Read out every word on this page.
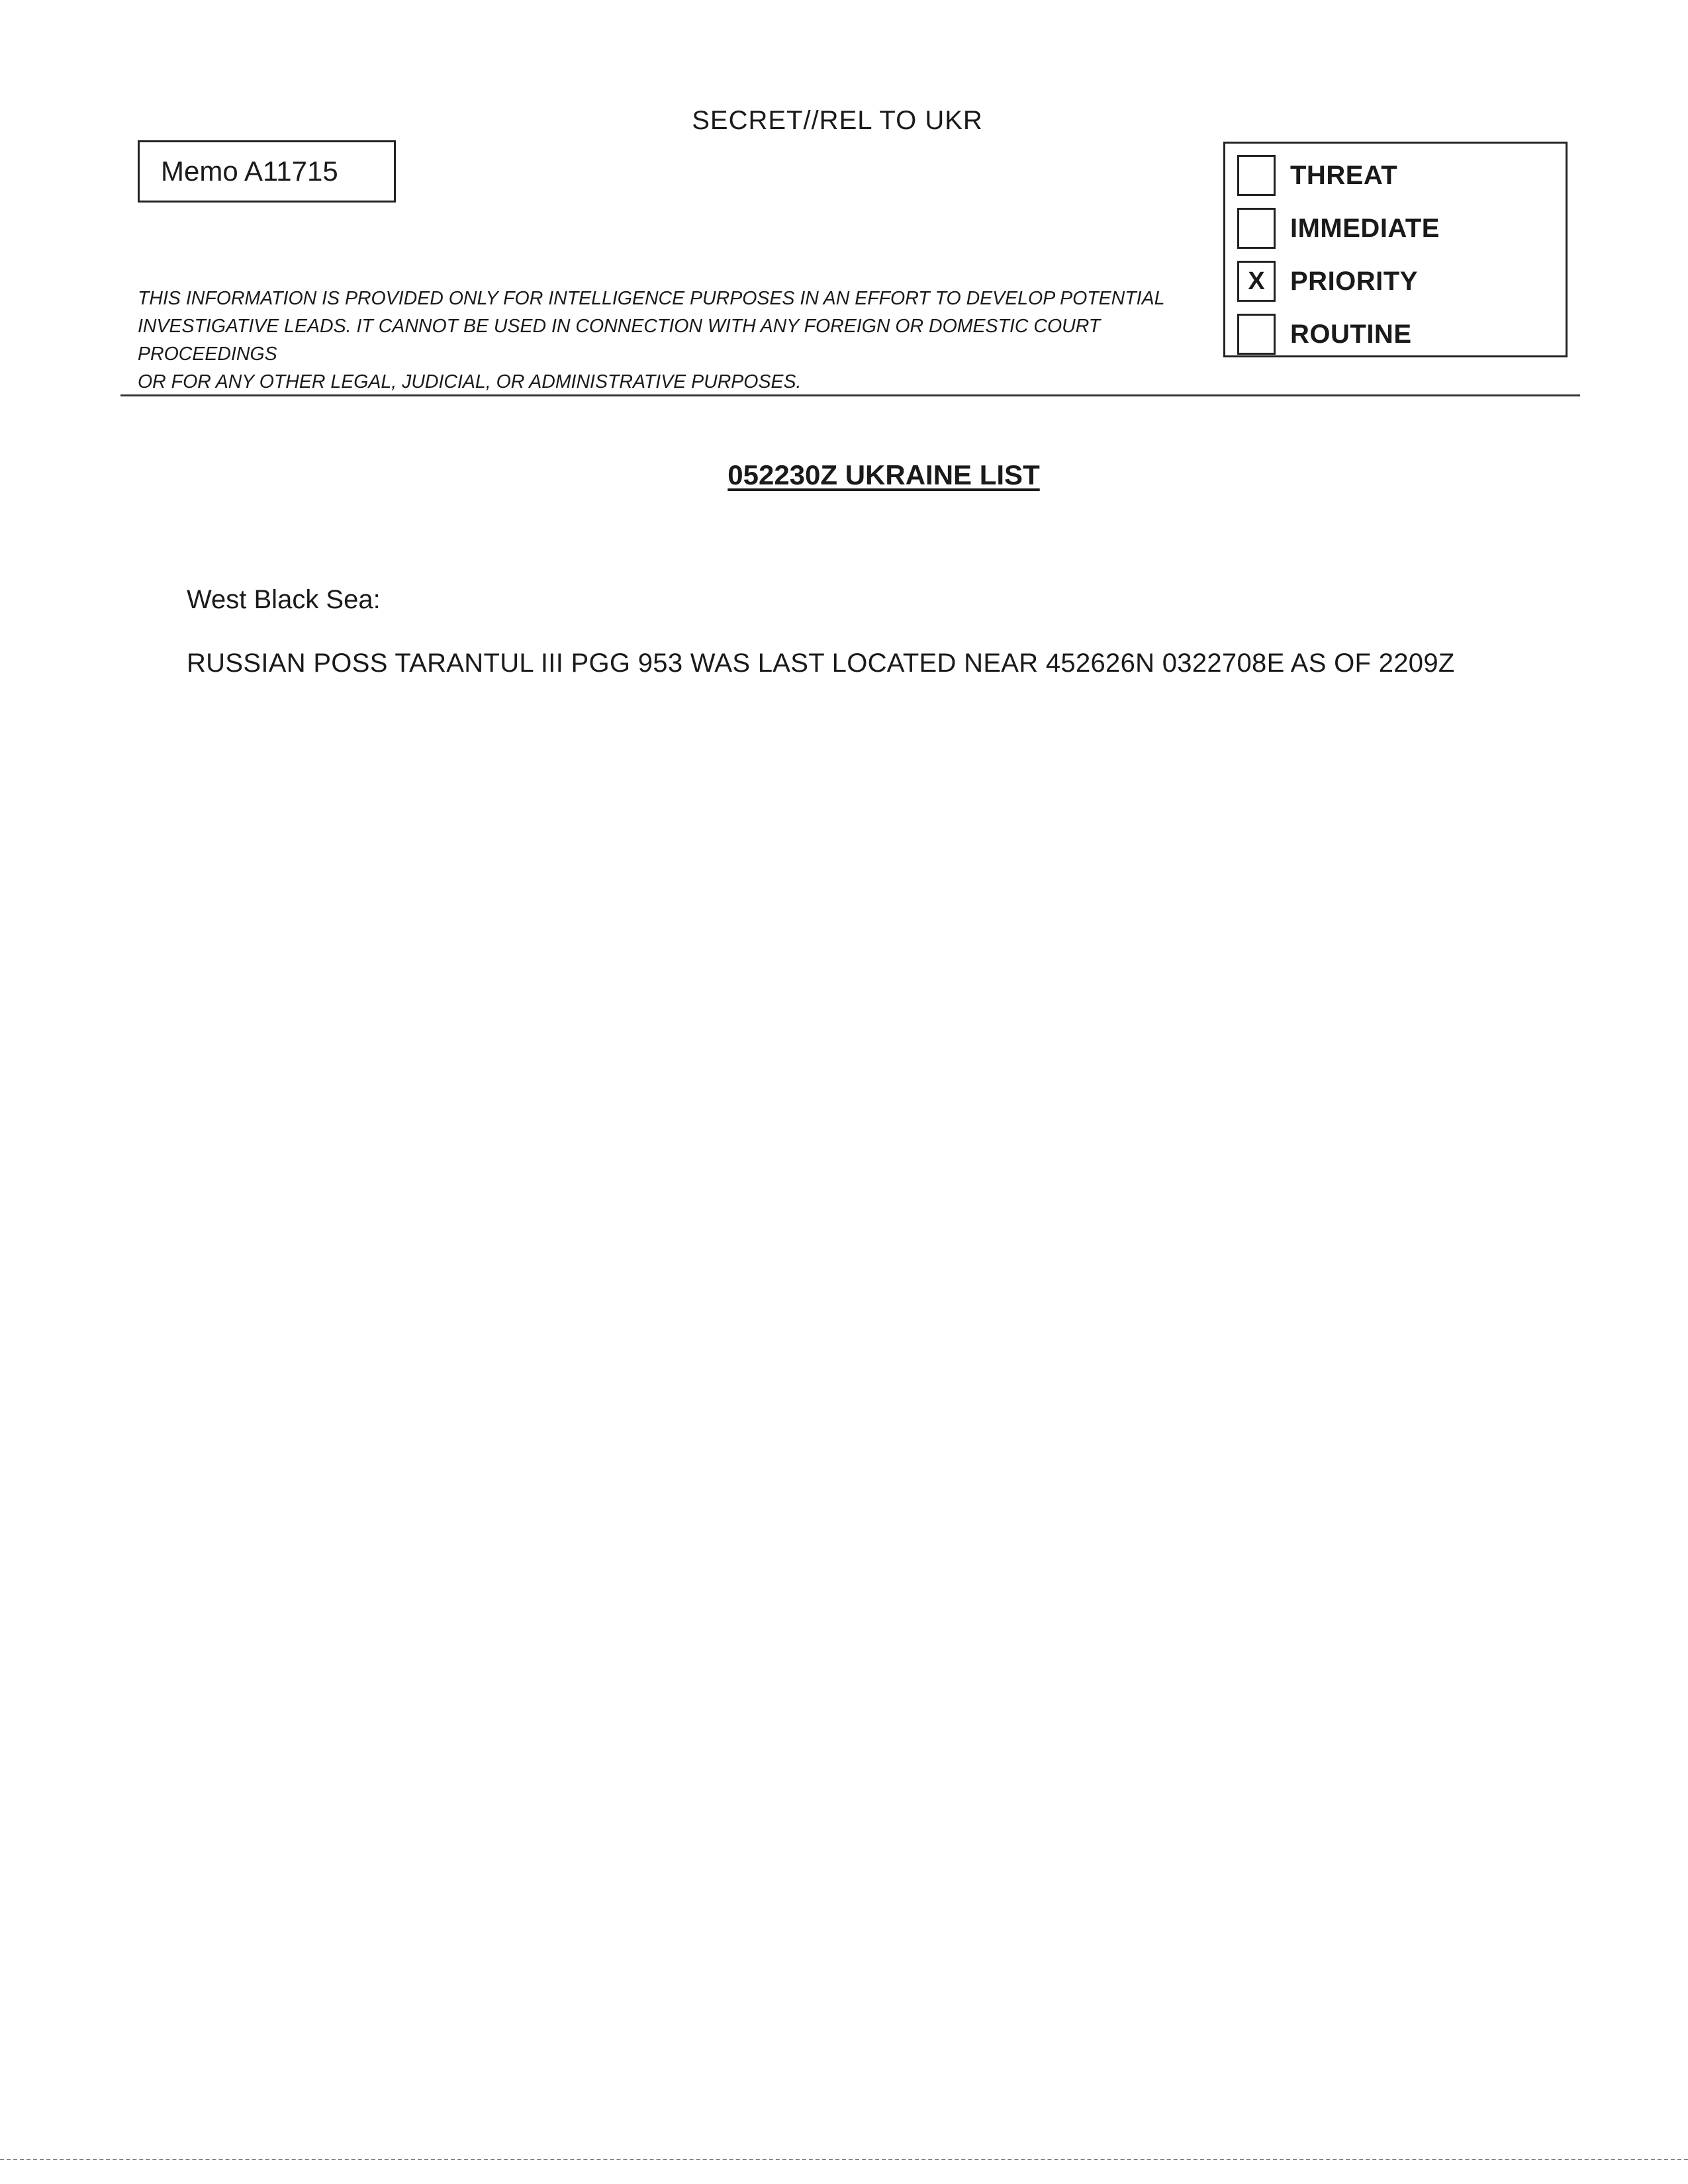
SECRET//REL TO UKR
Memo A11715
THIS INFORMATION IS PROVIDED ONLY FOR INTELLIGENCE PURPOSES IN AN EFFORT TO DEVELOP POTENTIAL
INVESTIGATIVE LEADS. IT CANNOT BE USED IN CONNECTION WITH ANY FOREIGN OR DOMESTIC COURT PROCEEDINGS
OR FOR ANY OTHER LEGAL, JUDICIAL, OR ADMINISTRATIVE PURPOSES.
THREAT
IMMEDIATE
X PRIORITY
ROUTINE
052230Z UKRAINE LIST
West Black Sea:
RUSSIAN POSS TARANTUL III PGG 953 WAS LAST LOCATED NEAR 452626N 0322708E AS OF 2209Z
